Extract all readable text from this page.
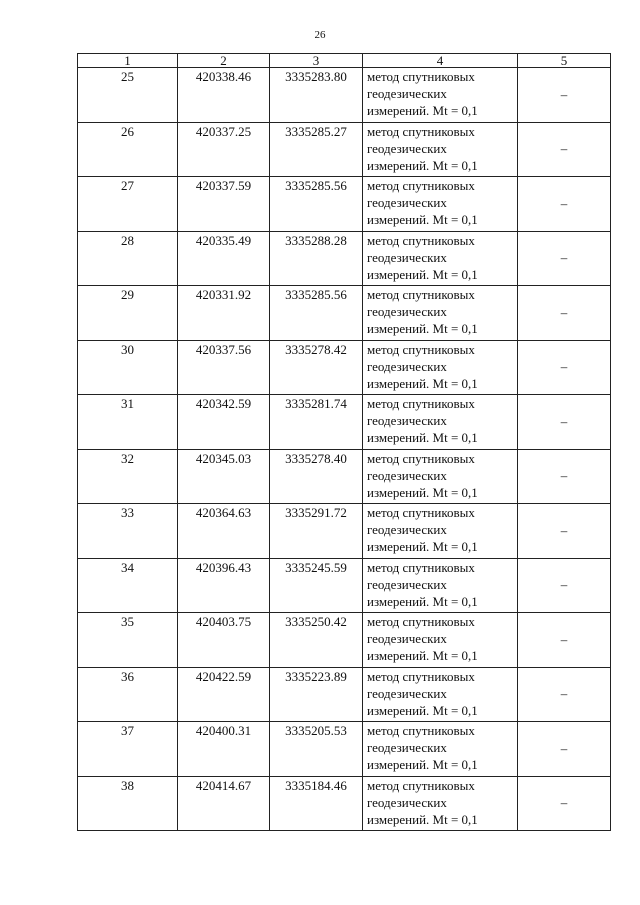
26
1	2	3	4	5
25	420338.46	3335283.80	метод спутниковых
геодезических
измерений. Mt = 0,1	–
26	420337.25	3335285.27	метод спутниковых
геодезических
измерений. Mt = 0,1	–
27	420337.59	3335285.56	метод спутниковых
геодезических
измерений. Mt = 0,1	–
28	420335.49	3335288.28	метод спутниковых
геодезических
измерений. Mt = 0,1	–
29	420331.92	3335285.56	метод спутниковых
геодезических
измерений. Mt = 0,1	–
30	420337.56	3335278.42	метод спутниковых
геодезических
измерений. Mt = 0,1	–
31	420342.59	3335281.74	метод спутниковых
геодезических
измерений. Mt = 0,1	–
32	420345.03	3335278.40	метод спутниковых
геодезических
измерений. Mt = 0,1	–
33	420364.63	3335291.72	метод спутниковых
геодезических
измерений. Mt = 0,1	–
34	420396.43	3335245.59	метод спутниковых
геодезических
измерений. Mt = 0,1	–
35	420403.75	3335250.42	метод спутниковых
геодезических
измерений. Mt = 0,1	–
36	420422.59	3335223.89	метод спутниковых
геодезических
измерений. Mt = 0,1	–
37	420400.31	3335205.53	метод спутниковых
геодезических
измерений. Mt = 0,1	–
38	420414.67	3335184.46	метод спутниковых
геодезических
измерений. Mt = 0,1	–
